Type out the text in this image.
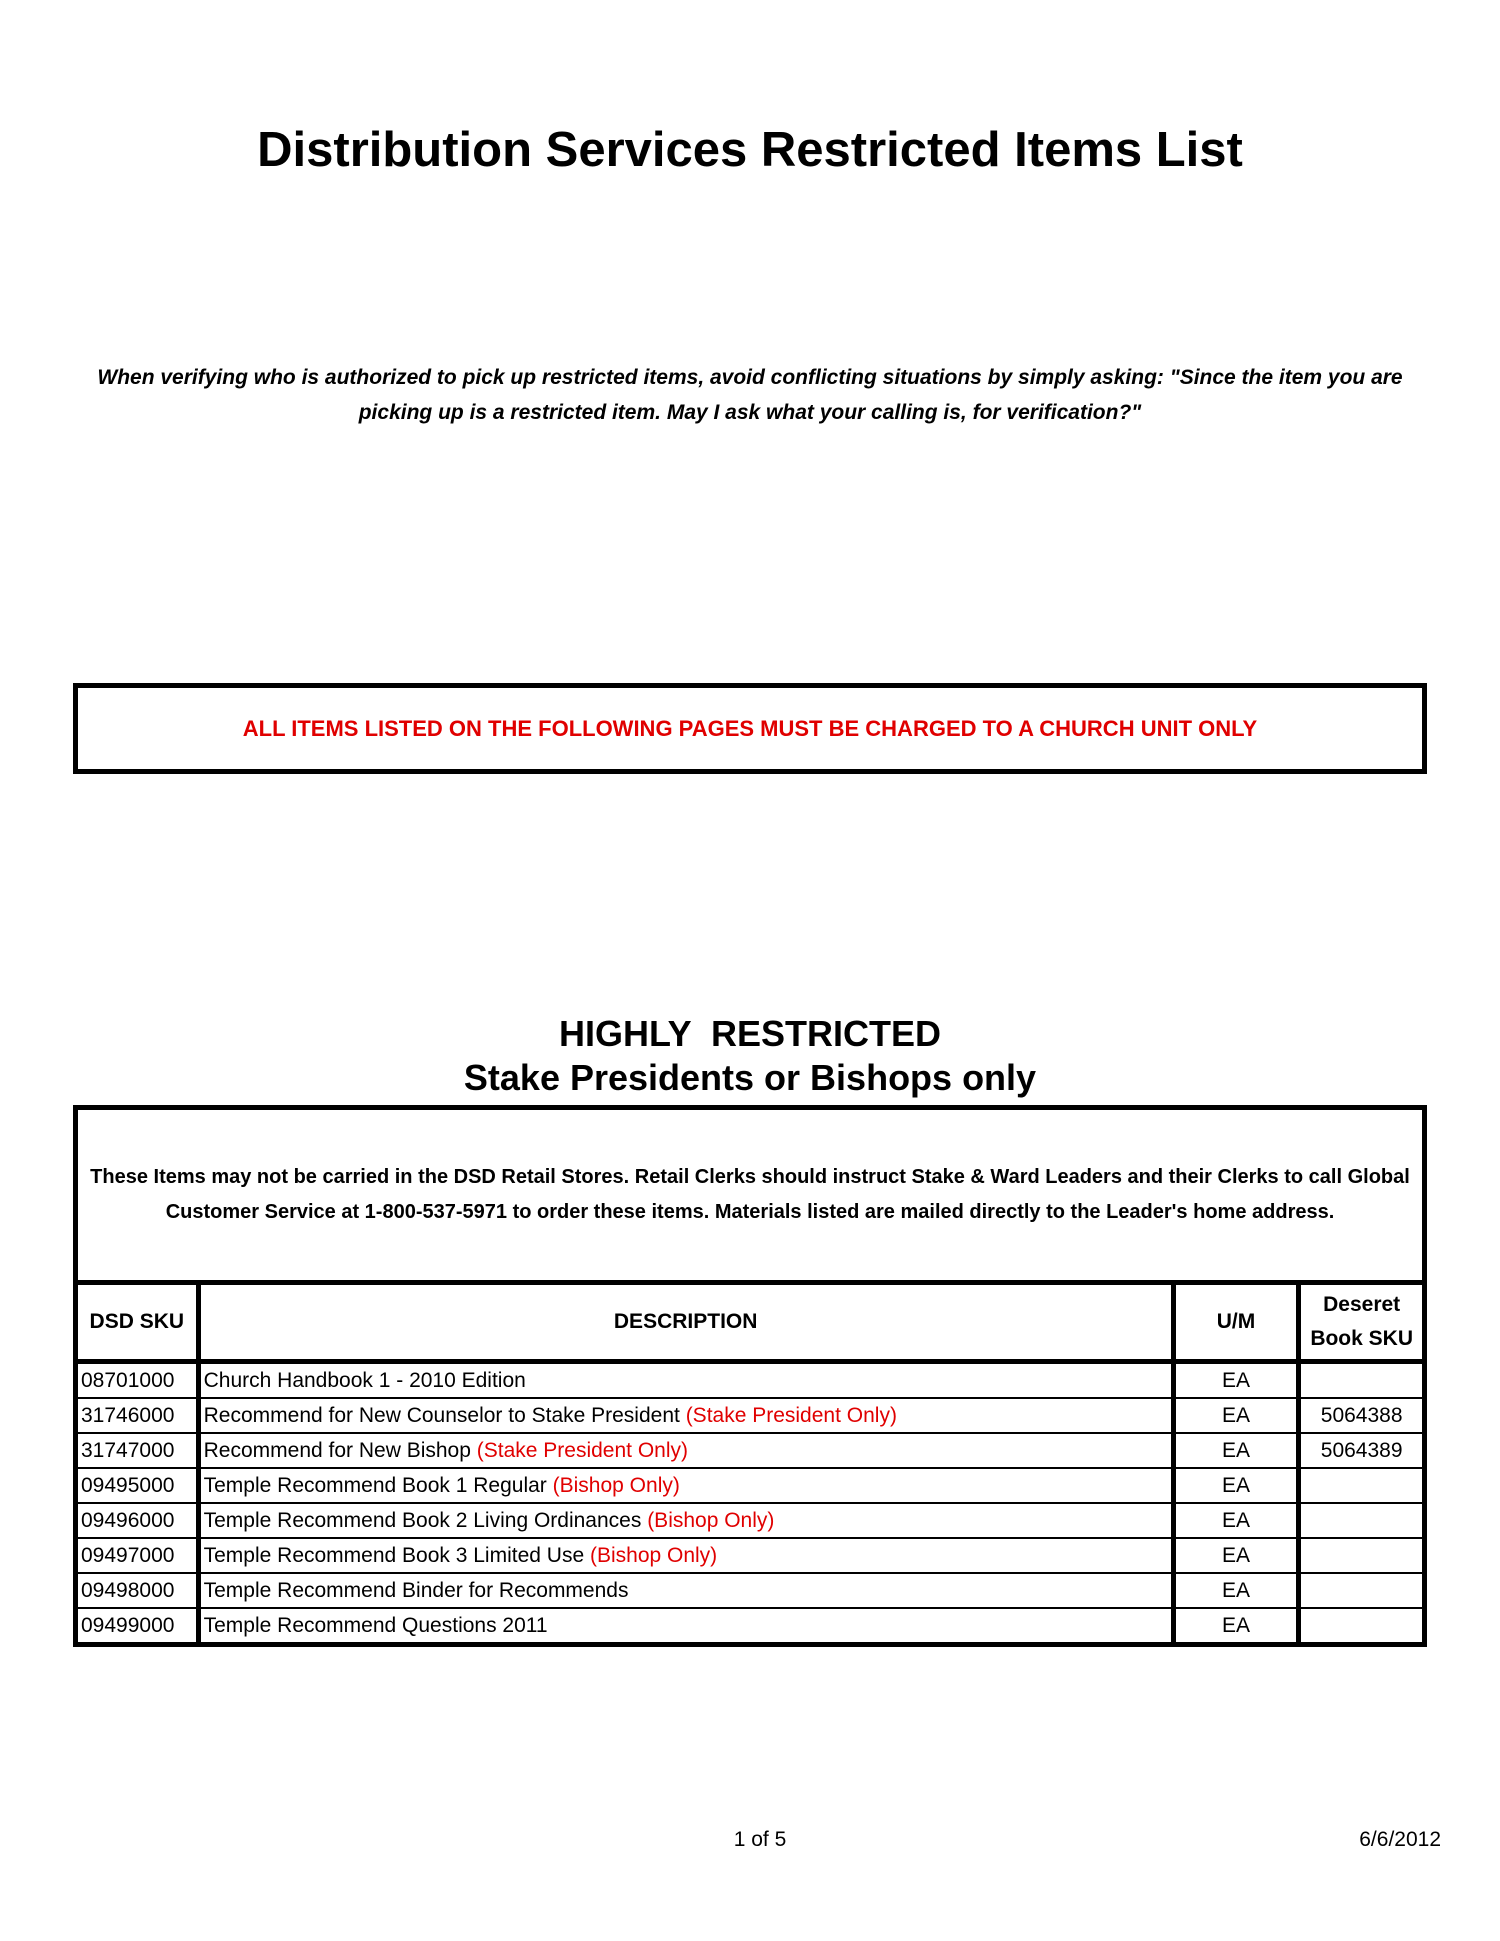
Distribution Services Restricted Items List
When verifying who is authorized to pick up restricted items, avoid conflicting situations by simply asking: "Since the item you are picking up is a restricted item. May I ask what your calling is, for verification?"
ALL ITEMS LISTED ON THE FOLLOWING PAGES MUST BE CHARGED TO A CHURCH UNIT ONLY
HIGHLY  RESTRICTED
Stake Presidents or Bishops only
These Items may not be carried in the DSD Retail Stores. Retail Clerks should instruct Stake & Ward Leaders and their Clerks to call Global Customer Service at 1-800-537-5971 to order these items. Materials listed are mailed directly to the Leader's home address.			
DSD SKU	DESCRIPTION	U/M	Deseret
Book SKU
08701000	Church Handbook 1 - 2010 Edition	EA	
31746000	Recommend for New Counselor to Stake President (Stake President Only)	EA	5064388
31747000	Recommend for New Bishop (Stake President Only)	EA	5064389
09495000	Temple Recommend Book 1 Regular (Bishop Only)	EA	
09496000	Temple Recommend Book 2 Living Ordinances (Bishop Only)	EA	
09497000	Temple Recommend Book 3 Limited Use (Bishop Only)	EA	
09498000	Temple Recommend Binder for Recommends	EA	
09499000	Temple Recommend Questions 2011	EA	
1 of 5	6/6/2012
